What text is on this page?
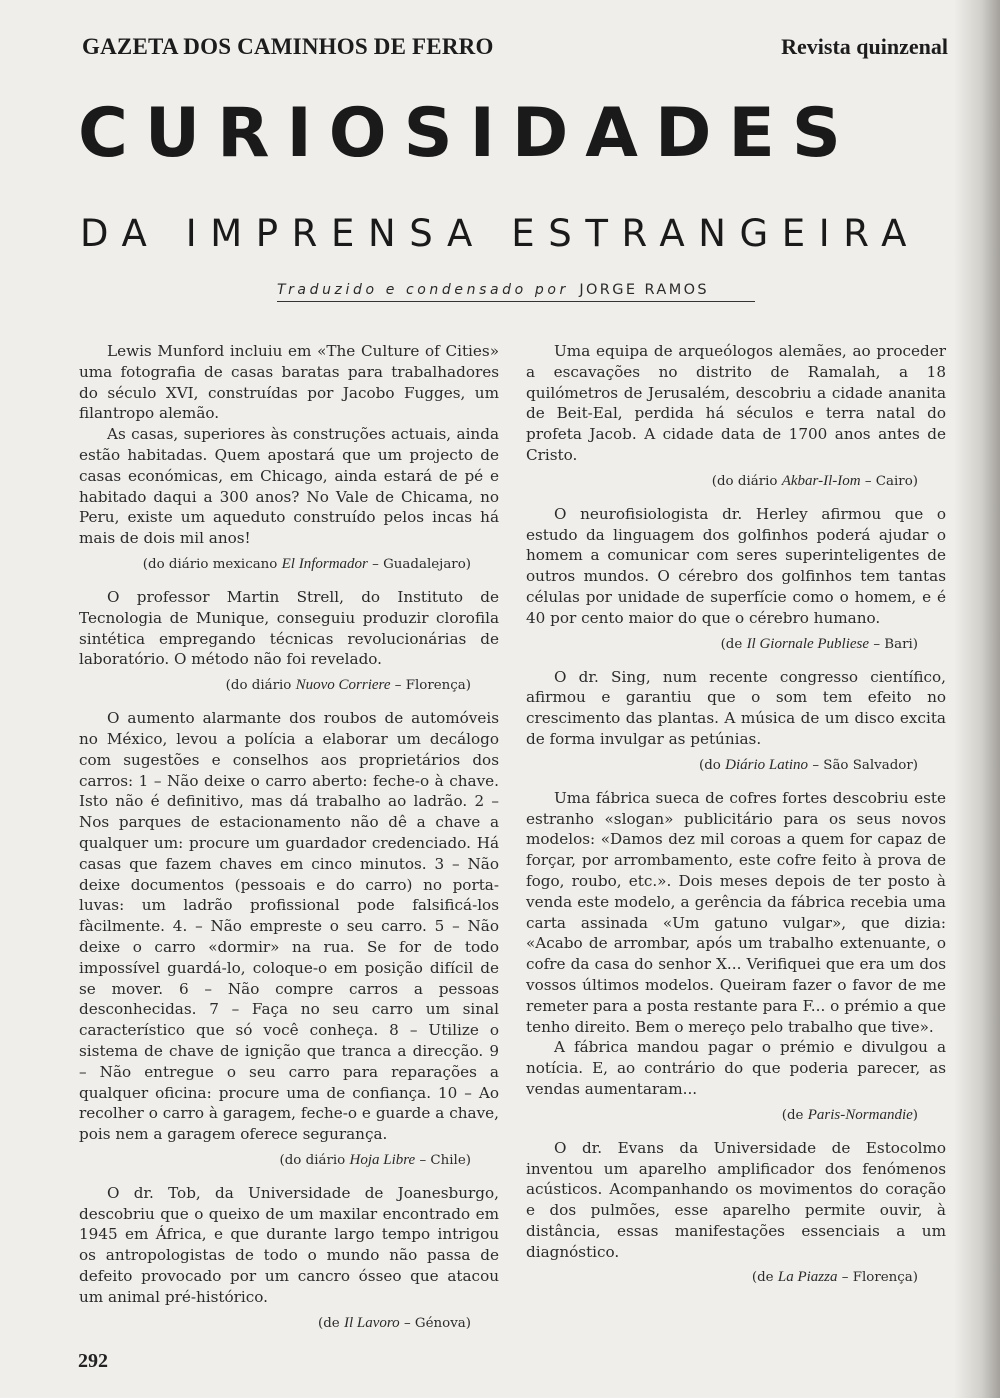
GAZETA DOS CAMINHOS DE FERRO	Revista quinzenal
CURIOSIDADES
DA IMPRENSA ESTRANGEIRA
Traduzido e condensado por JORGE RAMOS

Lewis Munford incluiu em «The Culture of Cities» uma fotografia de casas baratas para trabalhadores do século XVI, construídas por Jacobo Fugges, um filantropo alemão.

As casas, superiores às construções actuais, ainda estão habitadas. Quem apostará que um projecto de casas económicas, em Chicago, ainda estará de pé e habitado daqui a 300 anos? No Vale de Chicama, no Peru, existe um aqueduto construído pelos incas há mais de dois mil anos!

(do diário mexicano El Informador – Guadalejaro)

O professor Martin Strell, do Instituto de Tecnologia de Munique, conseguiu produzir clorofila sintética empregando técnicas revolucionárias de laboratório. O método não foi revelado.

(do diário Nuovo Corriere – Florença)

O aumento alarmante dos roubos de automóveis no México, levou a polícia a elaborar um decálogo com sugestões e conselhos aos proprietários dos carros: 1 – Não deixe o carro aberto: feche-o à chave. Isto não é definitivo, mas dá trabalho ao ladrão. 2 – Nos parques de estacionamento não dê a chave a qualquer um: procure um guardador credenciado. Há casas que fazem chaves em cinco minutos. 3 – Não deixe documentos (pessoais e do carro) no porta-luvas: um ladrão profissional pode falsificá-los fàcilmente. 4. – Não empreste o seu carro. 5 – Não deixe o carro «dormir» na rua. Se for de todo impossível guardá-lo, coloque-o em posição difícil de se mover. 6 – Não compre carros a pessoas desconhecidas. 7 – Faça no seu carro um sinal característico que só você conheça. 8 – Utilize o sistema de chave de ignição que tranca a direcção. 9 – Não entregue o seu carro para reparações a qualquer oficina: procure uma de confiança. 10 – Ao recolher o carro à garagem, feche-o e guarde a chave, pois nem a garagem oferece segurança.

(do diário Hoja Libre – Chile)

O dr. Tob, da Universidade de Joanesburgo, descobriu que o queixo de um maxilar encontrado em 1945 em África, e que durante largo tempo intrigou os antropologistas de todo o mundo não passa de defeito provocado por um cancro ósseo que atacou um animal pré-histórico.

(de Il Lavoro – Génova)

Uma equipa de arqueólogos alemães, ao proceder a escavações no distrito de Ramalah, a 18 quilómetros de Jerusalém, descobriu a cidade ananita de Beit-Eal, perdida há séculos e terra natal do profeta Jacob. A cidade data de 1700 anos antes de Cristo.

(do diário Akbar-Il-Iom – Cairo)

O neurofisiologista dr. Herley afirmou que o estudo da linguagem dos golfinhos poderá ajudar o homem a comunicar com seres superinteligentes de outros mundos. O cérebro dos golfinhos tem tantas células por unidade de superfície como o homem, e é 40 por cento maior do que o cérebro humano.

(de Il Giornale Publiese – Bari)

O dr. Sing, num recente congresso científico, afirmou e garantiu que o som tem efeito no crescimento das plantas. A música de um disco excita de forma invulgar as petúnias.

(do Diário Latino – São Salvador)

Uma fábrica sueca de cofres fortes descobriu este estranho «slogan» publicitário para os seus novos modelos: «Damos dez mil coroas a quem for capaz de forçar, por arrombamento, este cofre feito à prova de fogo, roubo, etc.». Dois meses depois de ter posto à venda este modelo, a gerência da fábrica recebia uma carta assinada «Um gatuno vulgar», que dizia: «Acabo de arrombar, após um trabalho extenuante, o cofre da casa do senhor X... Verifiquei que era um dos vossos últimos modelos. Queiram fazer o favor de me remeter para a posta restante para F... o prémio a que tenho direito. Bem o mereço pelo trabalho que tive».

A fábrica mandou pagar o prémio e divulgou a notícia. E, ao contrário do que poderia parecer, as vendas aumentaram...

(de Paris-Normandie)

O dr. Evans da Universidade de Estocolmo inventou um aparelho amplificador dos fenómenos acústicos. Acompanhando os movimentos do coração e dos pulmões, esse aparelho permite ouvir, à distância, essas manifestações essenciais a um diagnóstico.

(de La Piazza – Florença)
292
